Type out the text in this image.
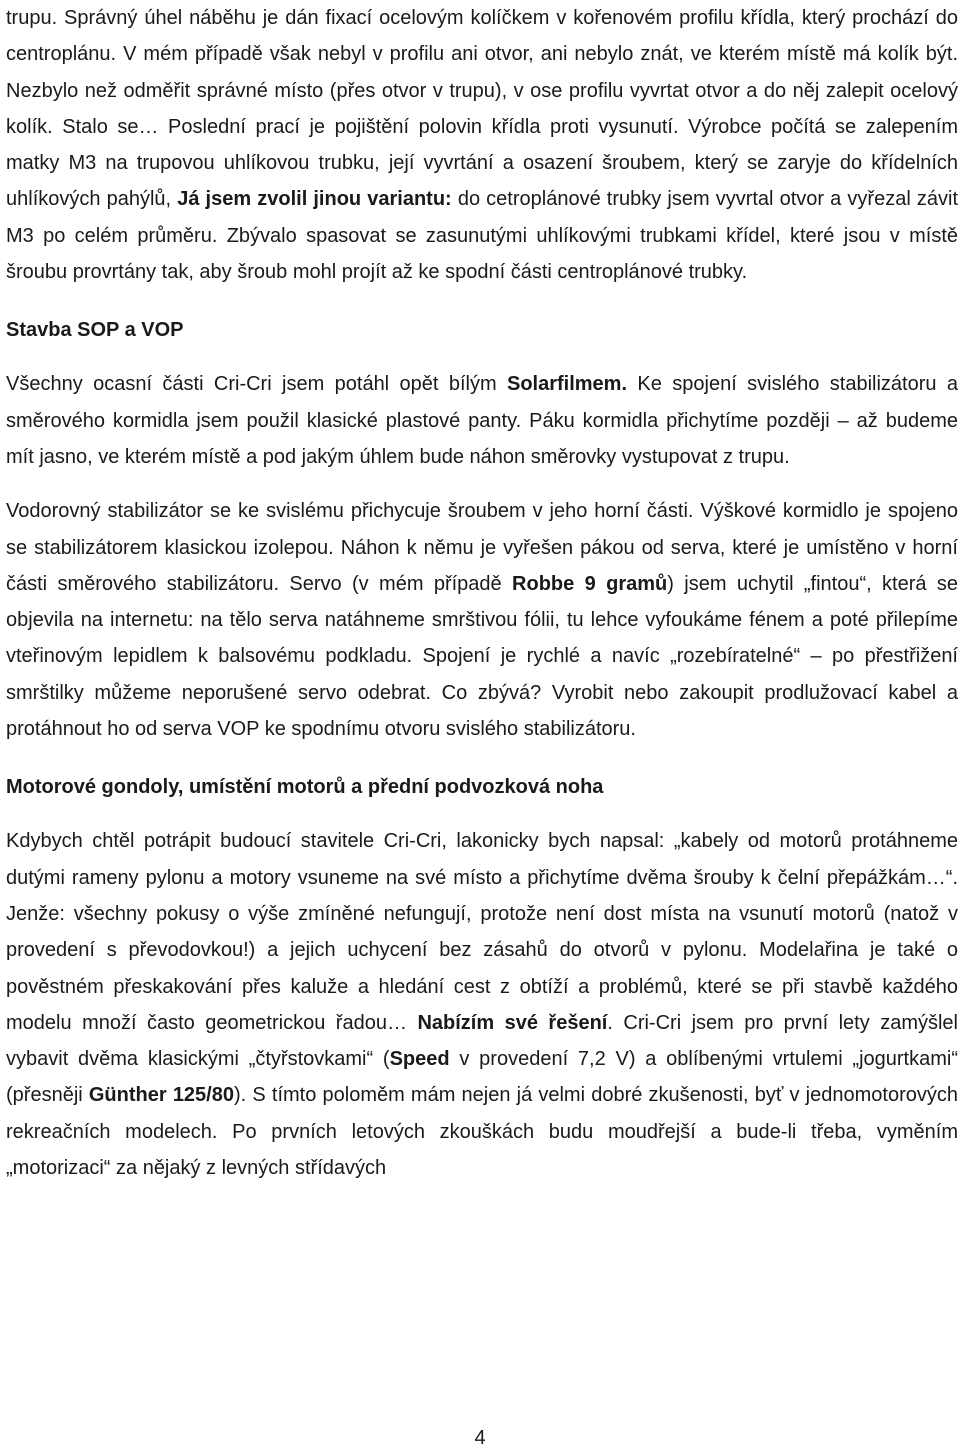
trupu. Správný úhel náběhu je dán fixací ocelovým kolíčkem v kořenovém profilu křídla, který prochází do centroplánu. V mém případě však nebyl v profilu ani otvor, ani nebylo znát, ve kterém místě má kolík být. Nezbylo než odměřit správné místo (přes otvor v trupu), v ose profilu vyvrtat otvor a do něj zalepit ocelový kolík. Stalo se… Poslední prací je pojištění polovin křídla proti vysunutí. Výrobce počítá se zalepením matky M3 na trupovou uhlíkovou trubku, její vyvrtání a osazení šroubem, který se zaryje do křídelních uhlíkových pahýlů, Já jsem zvolil jinou variantu: do cetroplánové trubky jsem vyvrtal otvor a vyřezal závit M3 po celém průměru. Zbývalo spasovat se zasunutými uhlíkovými trubkami křídel, které jsou v místě šroubu provrtány tak, aby šroub mohl projít až ke spodní části centroplánové trubky.

Stavba SOP a VOP

Všechny ocasní části Cri-Cri jsem potáhl opět bílým Solarfilmem. Ke spojení svislého stabilizátoru a směrového kormidla jsem použil klasické plastové panty. Páku kormidla přichytíme později – až budeme mít jasno, ve kterém místě a pod jakým úhlem bude náhon směrovky vystupovat z trupu.

Vodorovný stabilizátor se ke svislému přichycuje šroubem v jeho horní části. Výškové kormidlo je spojeno se stabilizátorem klasickou izolepou. Náhon k němu je vyřešen pákou od serva, které je umístěno v horní části směrového stabilizátoru. Servo (v mém případě Robbe 9 gramů) jsem uchytil „fintou“, která se objevila na internetu: na tělo serva natáhneme smrštivou fólii, tu lehce vyfoukáme fénem a poté přilepíme vteřinovým lepidlem k balsovému podkladu. Spojení je rychlé a navíc „rozebíratelné“ – po přestřižení smrštilky můžeme neporušené servo odebrat. Co zbývá? Vyrobit nebo zakoupit prodlužovací kabel a protáhnout ho od serva VOP ke spodnímu otvoru svislého stabilizátoru.

Motorové gondoly, umístění motorů a přední podvozková noha

Kdybych chtěl potrápit budoucí stavitele Cri-Cri, lakonicky bych napsal: „kabely od motorů protáhneme dutými rameny pylonu a motory vsuneme na své místo a přichytíme dvěma šrouby k čelní přepážkám…“. Jenže: všechny pokusy o výše zmíněné nefungují, protože není dost místa na vsunutí motorů (natož v provedení s převodovkou!) a jejich uchycení bez zásahů do otvorů v pylonu. Modelařina je také o pověstném přeskakování přes kaluže a hledání cest z obtíží a problémů, které se při stavbě každého modelu množí často geometrickou řadou… Nabízím své řešení. Cri-Cri jsem pro první lety zamýšlel vybavit dvěma klasickými „čtyřstovkami“ (Speed v provedení 7,2 V) a oblíbenými vrtulemi „jogurtkami“ (přesněji Günther 125/80). S tímto poloměm mám nejen já velmi dobré zkušenosti, byť v jednomotorových rekreačních modelech. Po prvních letových zkouškách budu moudřejší a bude-li třeba, vyměním „motorizaci“ za nějaký z levných střídavých

4
